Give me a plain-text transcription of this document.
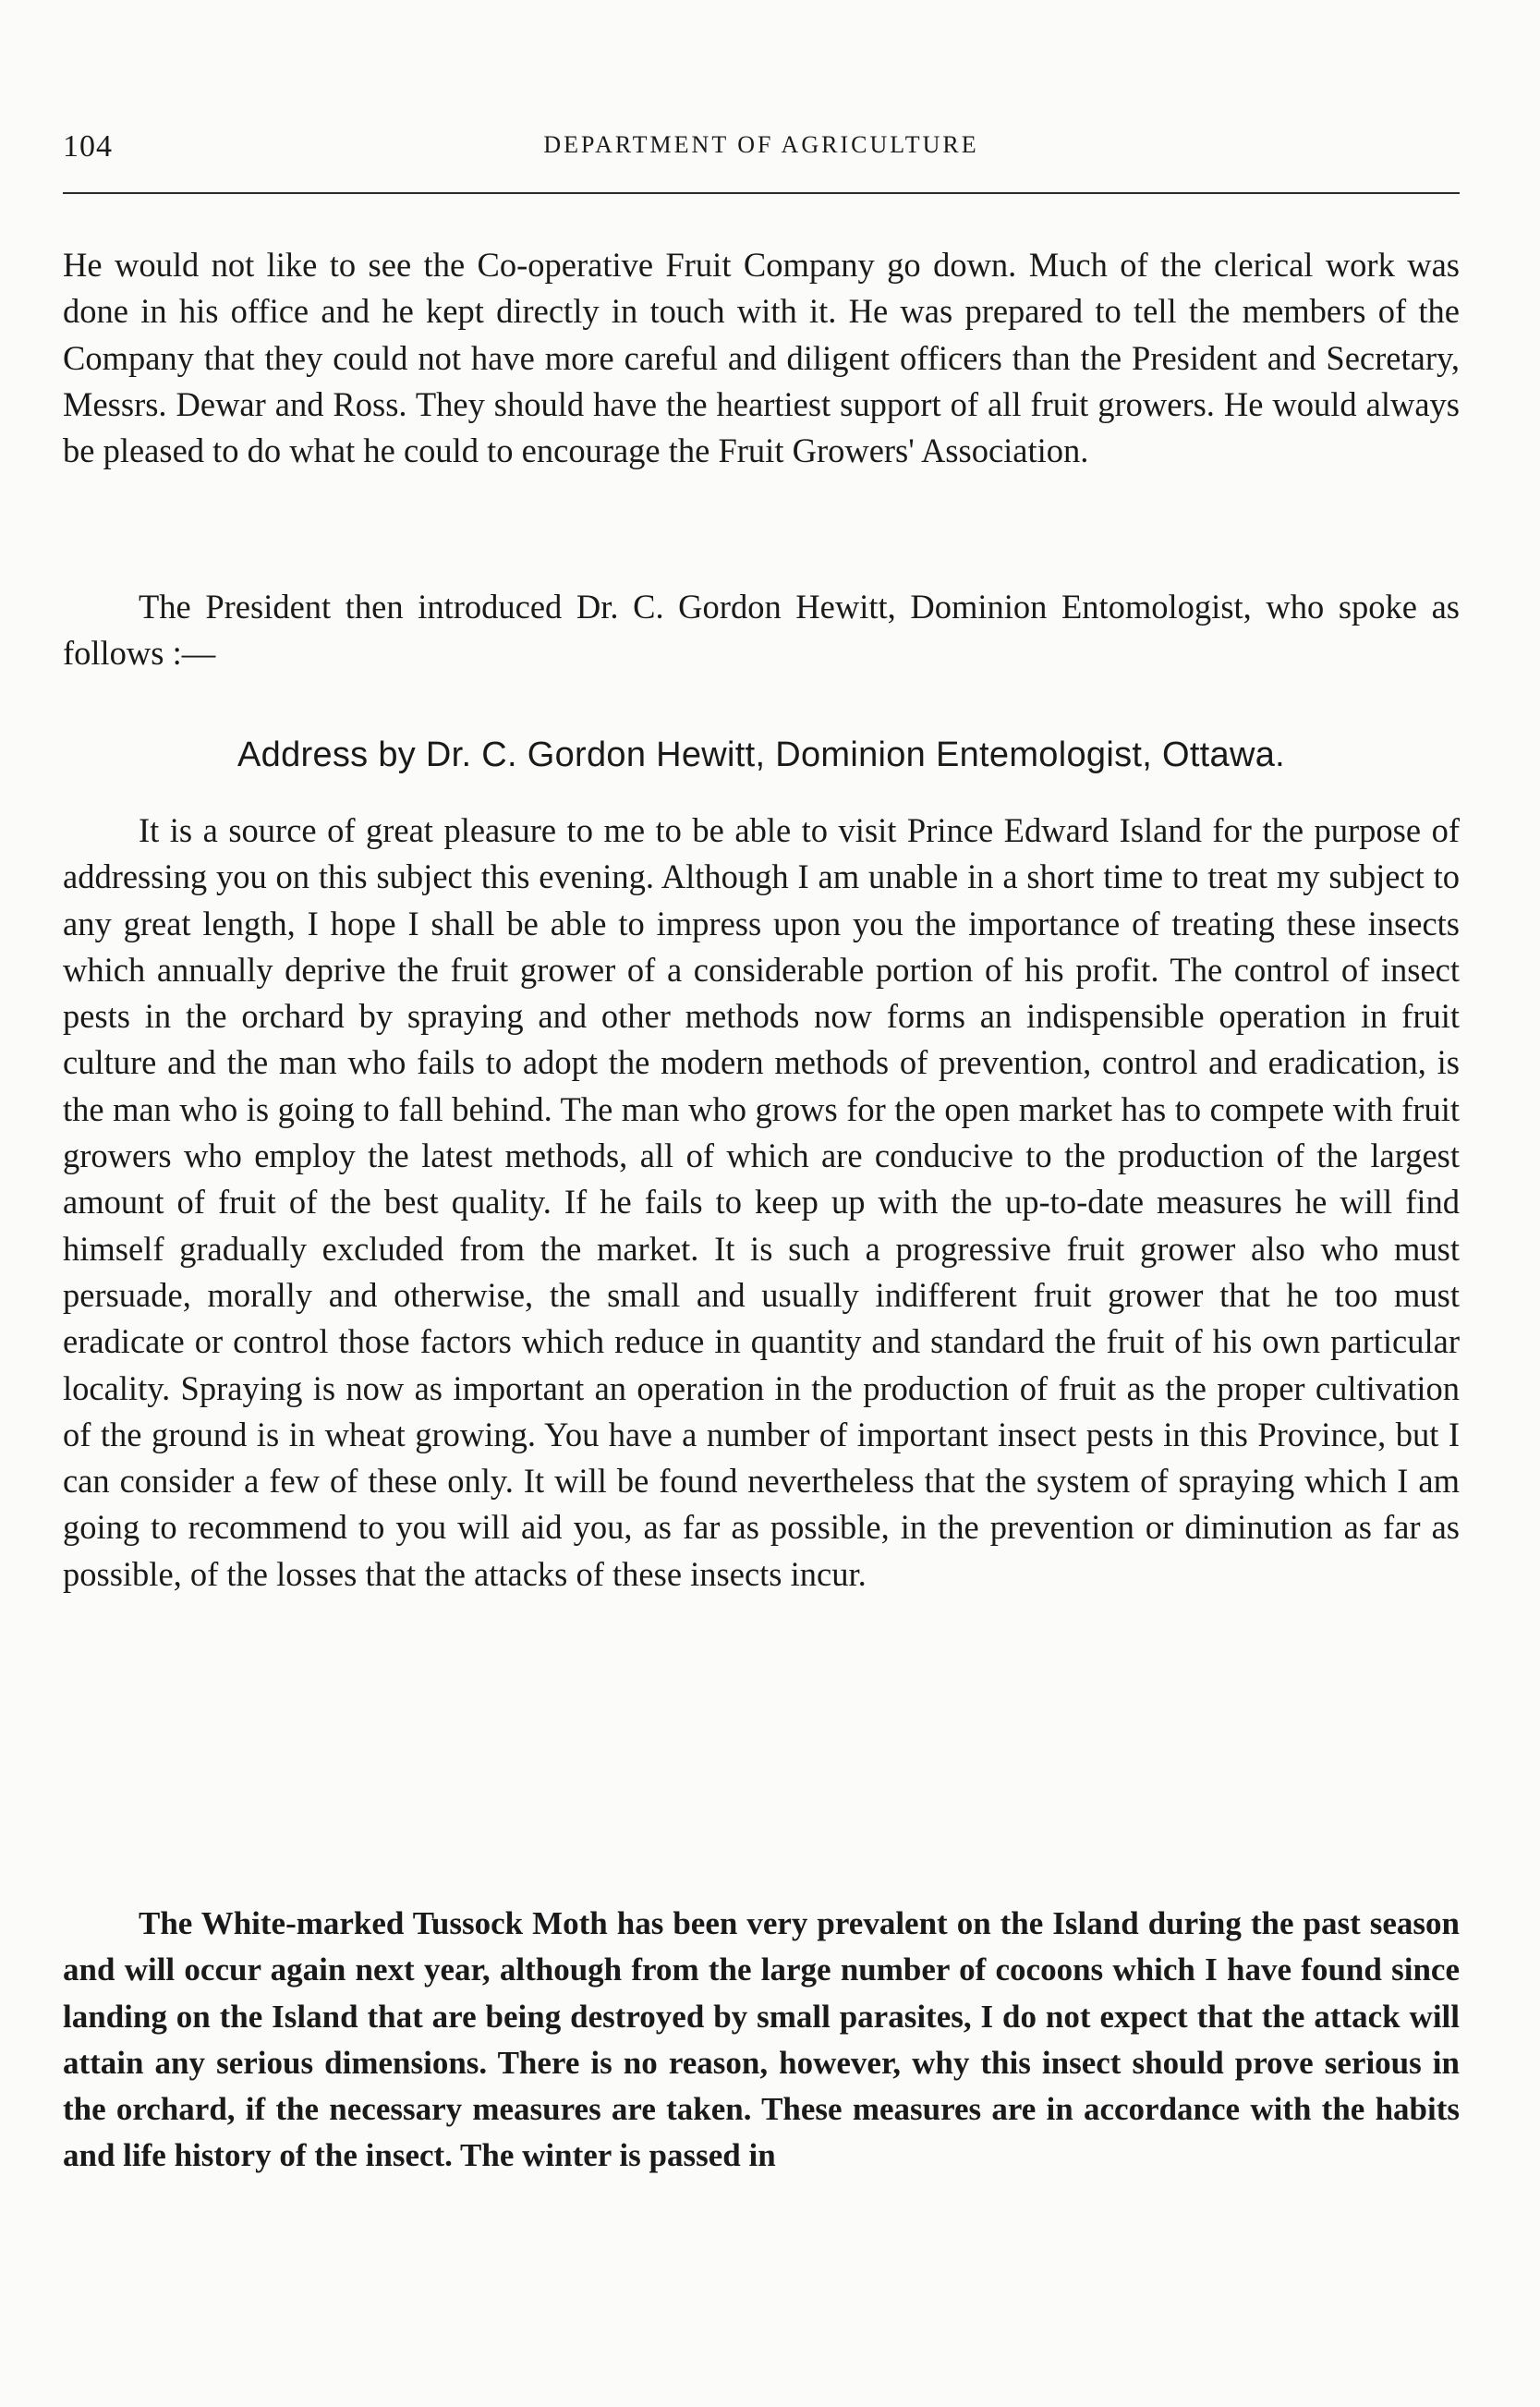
104	DEPARTMENT OF AGRICULTURE

He would not like to see the Co-operative Fruit Company go down. Much of the clerical work was done in his office and he kept directly in touch with it. He was prepared to tell the members of the Company that they could not have more careful and diligent officers than the President and Secretary, Messrs. Dewar and Ross. They should have the heartiest support of all fruit growers. He would always be pleased to do what he could to encourage the Fruit Growers' Association.

The President then introduced Dr. C. Gordon Hewitt, Dominion Entomologist, who spoke as follows :—

Address by Dr. C. Gordon Hewitt, Dominion Entemologist, Ottawa.

It is a source of great pleasure to me to be able to visit Prince Edward Island for the purpose of addressing you on this subject this evening. Although I am unable in a short time to treat my subject to any great length, I hope I shall be able to impress upon you the importance of treating these insects which annually deprive the fruit grower of a considerable portion of his profit. The control of insect pests in the orchard by spraying and other methods now forms an indispensible operation in fruit culture and the man who fails to adopt the modern methods of prevention, control and eradication, is the man who is going to fall behind. The man who grows for the open market has to compete with fruit growers who employ the latest methods, all of which are conducive to the production of the largest amount of fruit of the best quality. If he fails to keep up with the up-to-date measures he will find himself gradually excluded from the market. It is such a progressive fruit grower also who must persuade, morally and otherwise, the small and usually indifferent fruit grower that he too must eradicate or control those factors which reduce in quantity and standard the fruit of his own particular locality. Spraying is now as important an operation in the production of fruit as the proper cultivation of the ground is in wheat growing. You have a number of important insect pests in this Province, but I can consider a few of these only. It will be found nevertheless that the system of spraying which I am going to recommend to you will aid you, as far as possible, in the prevention or diminution as far as possible, of the losses that the attacks of these insects incur.

The White-marked Tussock Moth has been very prevalent on the Island during the past season and will occur again next year, although from the large number of cocoons which I have found since landing on the Island that are being destroyed by small parasites, I do not expect that the attack will attain any serious dimensions. There is no reason, however, why this insect should prove serious in the orchard, if the necessary measures are taken. These measures are in accordance with the habits and life history of the insect. The winter is passed in
